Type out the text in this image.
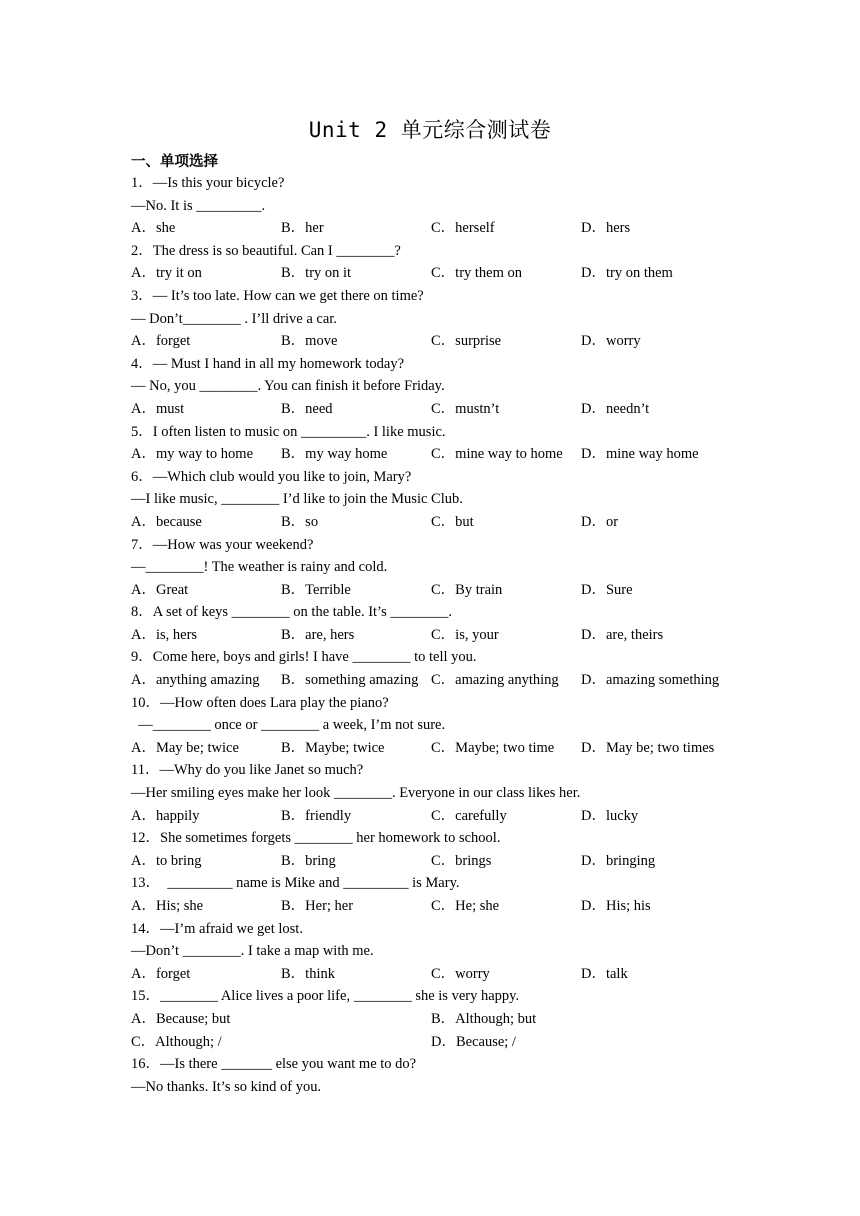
Unit 2 单元综合测试卷
一、单项选择
1．—Is this your bicycle?
—No. It is _________.
A．she	B．her	C．herself	D．hers
2．The dress is so beautiful. Can I ________?
A．try it on	B．try on it	C．try them on	D．try on them
3．— It’s too late. How can we get there on time?
— Don’t________ . I’ll drive a car.
A．forget	B．move	C．surprise	D．worry
4．— Must I hand in all my homework today?
— No, you ________. You can finish it before Friday.
A．must	B．need	C．mustn’t	D．needn’t
5．I often listen to music on _________. I like music.
A．my way to home B．my way home	C．mine way to home D．mine way home
6．—Which club would you like to join, Mary?
—I like music, ________ I’d like to join the Music Club.
A．because	B．so	C．but	D．or
7．—How was your weekend?
—________! The weather is rainy and cold.
A．Great	B．Terrible	C．By train	D．Sure
8．A set of keys ________ on the table. It’s ________.
A．is, hers	B．are, hers	C．is, your	D．are, theirs
9．Come here, boys and girls! I have ________ to tell you.
A．anything amazing B．something amazing C．amazing anything D．amazing something
10．—How often does Lara play the piano?
—________ once or ________ a week, I’m not sure.
A．May be; twice	B．Maybe; twice	C．Maybe; two time D．May be; two times
11．—Why do you like Janet so much?
—Her smiling eyes make her look ________. Everyone in our class likes her.
A．happily	B．friendly	C．carefully	D．lucky
12．She sometimes forgets ________ her homework to school.
A．to bring	B．bring	C．brings	D．bringing
13．  _________ name is Mike and _________ is Mary.
A．His; she	B．Her; her	C．He; she	D．His; his
14．—I’m afraid we get lost.
—Don’t ________. I take a map with me.
A．forget	B．think	C．worry	D．talk
15．________ Alice lives a poor life, ________ she is very happy.
A．Because; but	B．Although; but
C．Although; /	D．Because; /
16．—Is there _______ else you want me to do?
—No thanks. It’s so kind of you.
